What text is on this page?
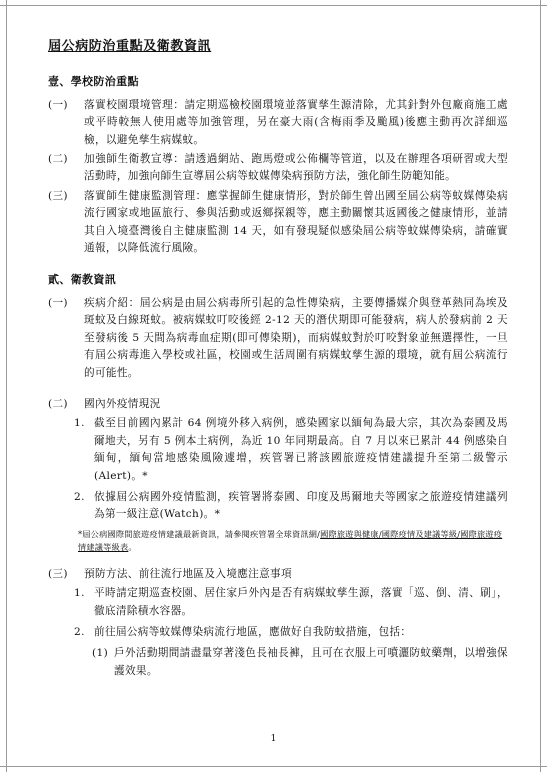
屆公病防治重點及衛教資訊
壹、學校防治重點
(一) 落實校園環境管理：請定期巡檢校園環境並落實孳生源清除，尤其針對外包廠商施工處或平時較無人使用處等加強管理，另在豪大雨(含梅雨季及颱風)後應主動再次詳細巡檢，以避免孳生病媒蚊。
(二) 加強師生衛教宣導：請透過網站、跑馬燈或公佈欄等管道，以及在辦理各項研習或大型活動時，加強向師生宣導屆公病等蚊媒傳染病預防方法，強化師生防範知能。
(三) 落實師生健康監測管理：應掌握師生健康情形，對於師生曾出國至屆公病等蚊媒傳染病流行國家或地區旅行、參與活動或返鄉探親等，應主動關懷其返國後之健康情形，並請其自入境臺灣後自主健康監測 14 天，如有發現疑似感染屆公病等蚊媒傳染病，請確實通報，以降低流行風險。
貳、衛教資訊
(一) 疾病介紹：屆公病是由屆公病毒所引起的急性傳染病，主要傳播媒介與登革熱同為埃及斑蚊及白線斑蚊。被病媒蚊叮咬後經 2-12 天的潛伏期即可能發病，病人於發病前 2 天至發病後 5 天間為病毒血症期(即可傳染期)，而病媒蚊對於叮咬對象並無選擇性，一旦有屆公病毒進入學校或社區，校園或生活周圍有病媒蚊孳生源的環境，就有屆公病流行的可能性。
(二) 國內外疫情現況
1. 截至目前國內累計 64 例境外移入病例，感染國家以緬甸為最大宗，其次為泰國及馬爾地夫，另有 5 例本土病例，為近 10 年同期最高。自 7 月以來已累計 44 例感染自緬甸，緬甸當地感染風險遽增，疾管署已將該國旅遊疫情建議提升至第二級警示(Alert)。*
2. 依據屆公病國外疫情監測，疾管署將泰國、印度及馬爾地夫等國家之旅遊疫情建議列為第一級注意(Watch)。*
*屆公病國際間旅遊疫情建議最新資訊，請參閱疾管署全球資訊網/國際旅遊與健康/國際疫情及建議等級/國際旅遊疫情建議等級表。
(三) 預防方法、前往流行地區及入境應注意事項
1. 平時請定期巡查校園、居住家戶外內是否有病媒蚊孳生源，落實「巡、倒、清、刷」，徹底清除積水容器。
2. 前往屆公病等蚊媒傳染病流行地區，應做好自我防蚊措施，包括：
(1) 戶外活動期間請盡量穿著淺色長袖長褲，且可在衣服上可噴灑防蚊藥劑，以增強保護效果。
1
